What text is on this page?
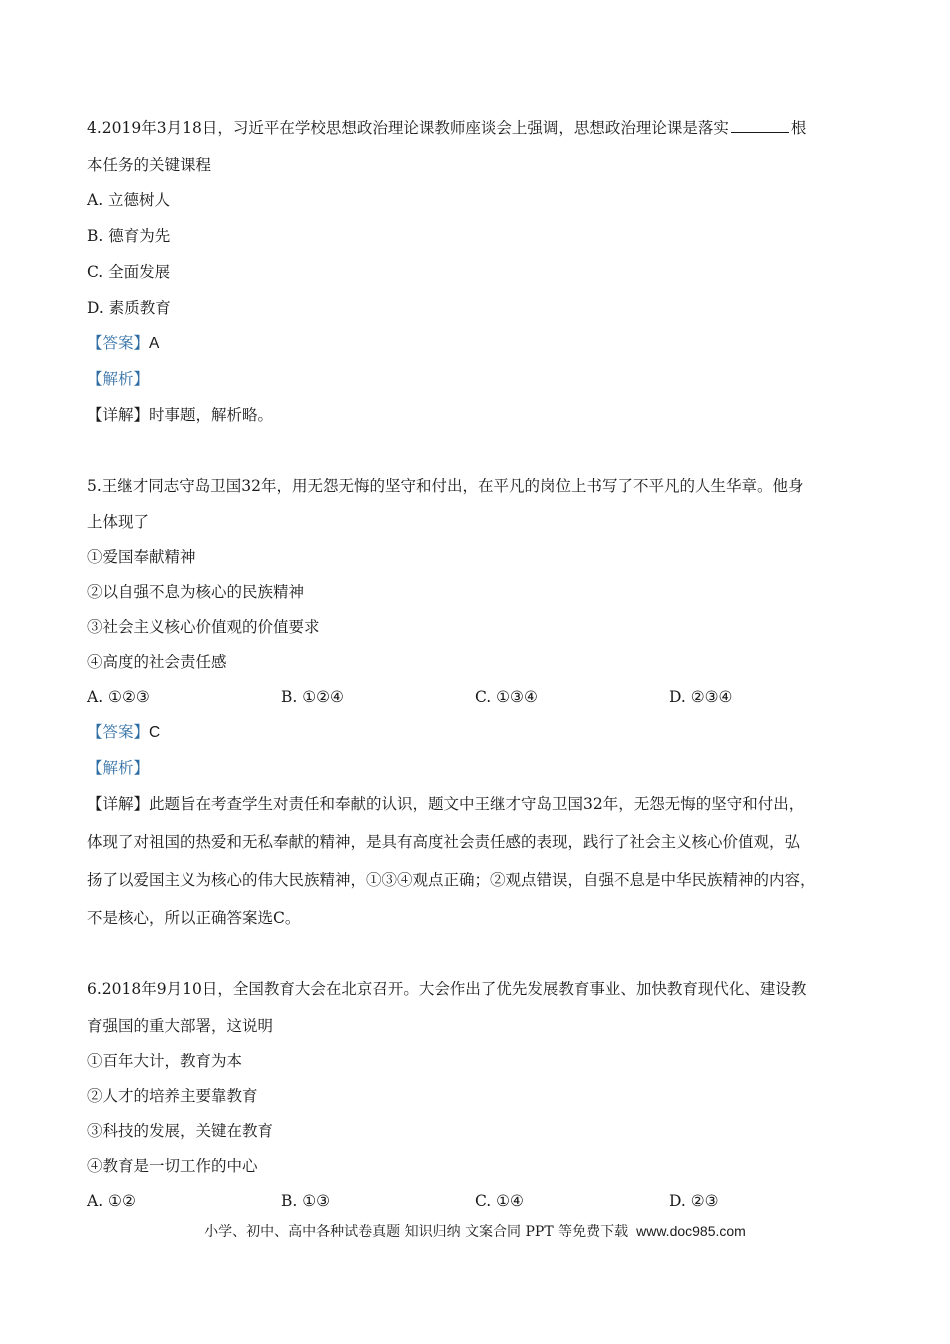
4.2019年3月18日，习近平在学校思想政治理论课教师座谈会上强调，思想政治理论课是落实	根
本任务的关键课程
A. 立德树人
B. 德育为先
C. 全面发展
D. 素质教育
【答案】A
【解析】
【详解】时事题，解析略。
5.王继才同志守岛卫国32年，用无怨无悔的坚守和付出，在平凡的岗位上书写了不平凡的人生华章。他身
上体现了
①爱国奉献精神
②以自强不息为核心的民族精神
③社会主义核心价值观的价值要求
④高度的社会责任感
A. ①②③	B. ①②④	C. ①③④	D. ②③④
【答案】C
【解析】
【详解】此题旨在考查学生对责任和奉献的认识，题文中王继才守岛卫国32年，无怨无悔的坚守和付出，
体现了对祖国的热爱和无私奉献的精神，是具有高度社会责任感的表现，践行了社会主义核心价值观，弘
扬了以爱国主义为核心的伟大民族精神，①③④观点正确；②观点错误，自强不息是中华民族精神的内容，
不是核心，所以正确答案选C。
6.2018年9月10日，全国教育大会在北京召开。大会作出了优先发展教育事业、加快教育现代化、建设教
育强国的重大部署，这说明
①百年大计，教育为本
②人才的培养主要靠教育
③科技的发展，关键在教育
④教育是一切工作的中心
A. ①②	B. ①③	C. ①④	D. ②③
小学、初中、高中各种试卷真题 知识归纳 文案合同 PPT 等免费下载 www.doc985.com
